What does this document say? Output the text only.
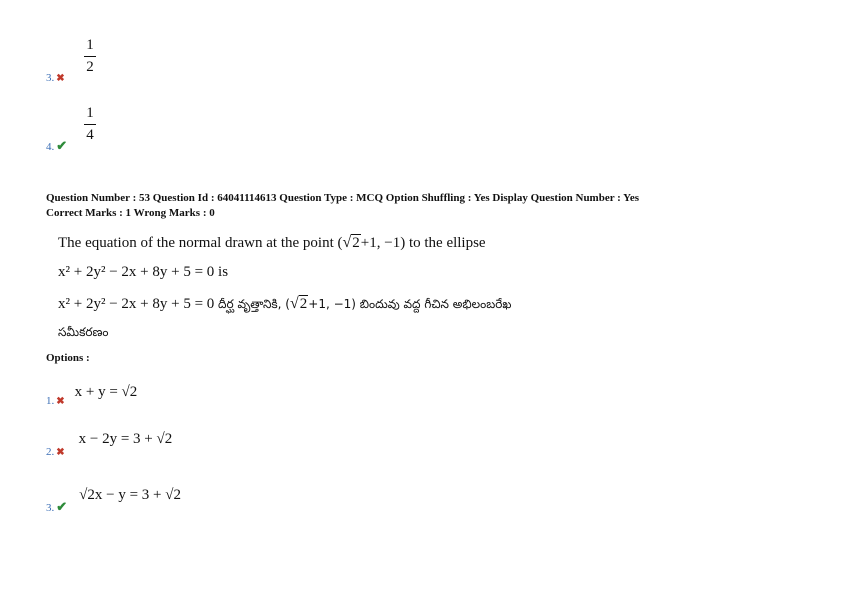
1
2
3. ✖
1
4
4. ✔
Question Number : 53 Question Id : 64041114613 Question Type : MCQ Option Shuffling : Yes Display Question Number : Yes
Correct Marks : 1 Wrong Marks : 0
The equation of the normal drawn at the point (√2+1, −1) to the ellipse
x² + 2y² − 2x + 8y + 5 = 0 is
x² + 2y² − 2x + 8y + 5 = 0 దీర్ఘ వృత్తానికి, (√2+1, −1) బిందువు వద్ద గీచిన అభిలంబరేఖ
సమీకరణం
Options :
$_{1.}$ $_✖$ x + y = √2
$_{2.}$ $_✖$ x − 2y = 3 + √2
$_{3.}$ $_✔$ √2x − y = 3 + √2
